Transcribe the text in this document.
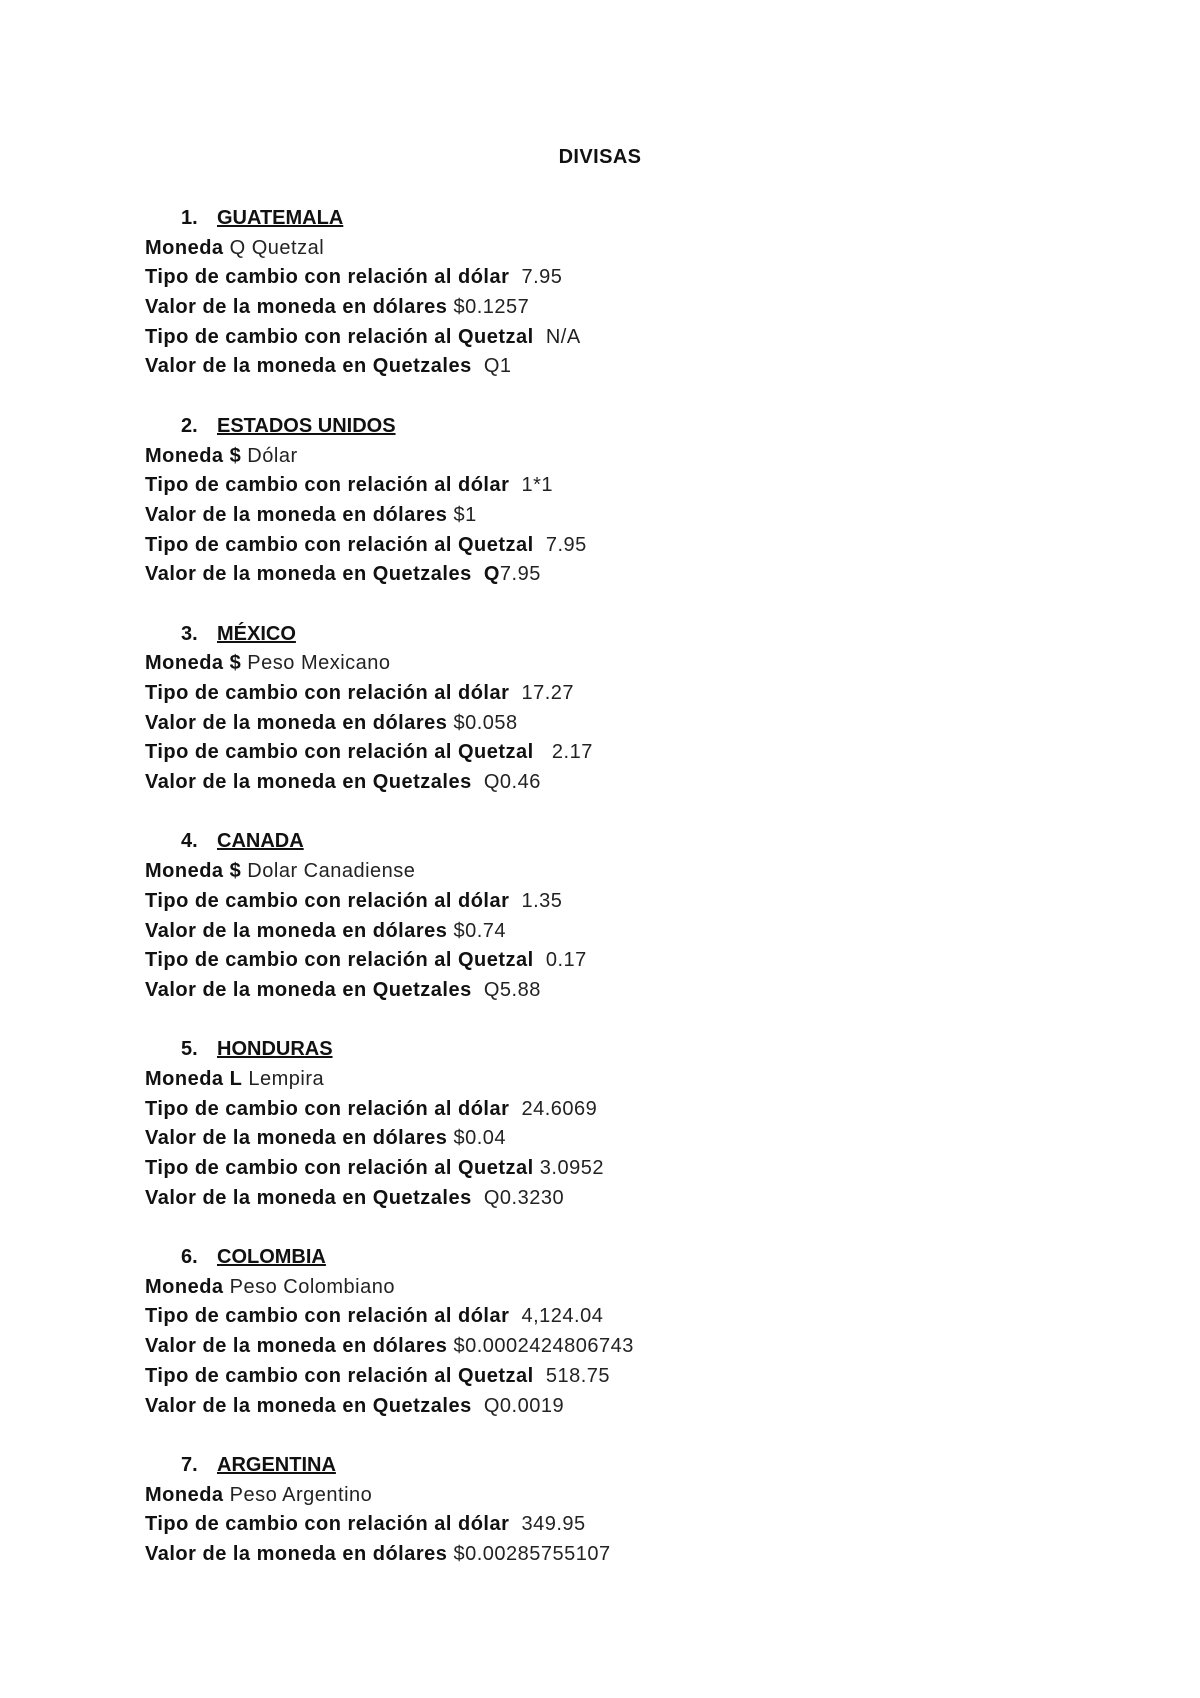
DIVISAS
1. GUATEMALA
Moneda Q Quetzal
Tipo de cambio con relación al dólar  7.95
Valor de la moneda en dólares $0.1257
Tipo de cambio con relación al Quetzal  N/A
Valor de la moneda en Quetzales  Q1
2. ESTADOS UNIDOS
Moneda $ Dólar
Tipo de cambio con relación al dólar  1*1
Valor de la moneda en dólares $1
Tipo de cambio con relación al Quetzal  7.95
Valor de la moneda en Quetzales  Q7.95
3. MÉXICO
Moneda $ Peso Mexicano
Tipo de cambio con relación al dólar  17.27
Valor de la moneda en dólares $0.058
Tipo de cambio con relación al Quetzal   2.17
Valor de la moneda en Quetzales  Q0.46
4. CANADA
Moneda $ Dolar Canadiense
Tipo de cambio con relación al dólar  1.35
Valor de la moneda en dólares $0.74
Tipo de cambio con relación al Quetzal  0.17
Valor de la moneda en Quetzales  Q5.88
5. HONDURAS
Moneda L Lempira
Tipo de cambio con relación al dólar  24.6069
Valor de la moneda en dólares $0.04
Tipo de cambio con relación al Quetzal 3.0952
Valor de la moneda en Quetzales  Q0.3230
6. COLOMBIA
Moneda Peso Colombiano
Tipo de cambio con relación al dólar  4,124.04
Valor de la moneda en dólares $0.0002424806743
Tipo de cambio con relación al Quetzal  518.75
Valor de la moneda en Quetzales  Q0.0019
7. ARGENTINA
Moneda Peso Argentino
Tipo de cambio con relación al dólar  349.95
Valor de la moneda en dólares $0.00285755107
